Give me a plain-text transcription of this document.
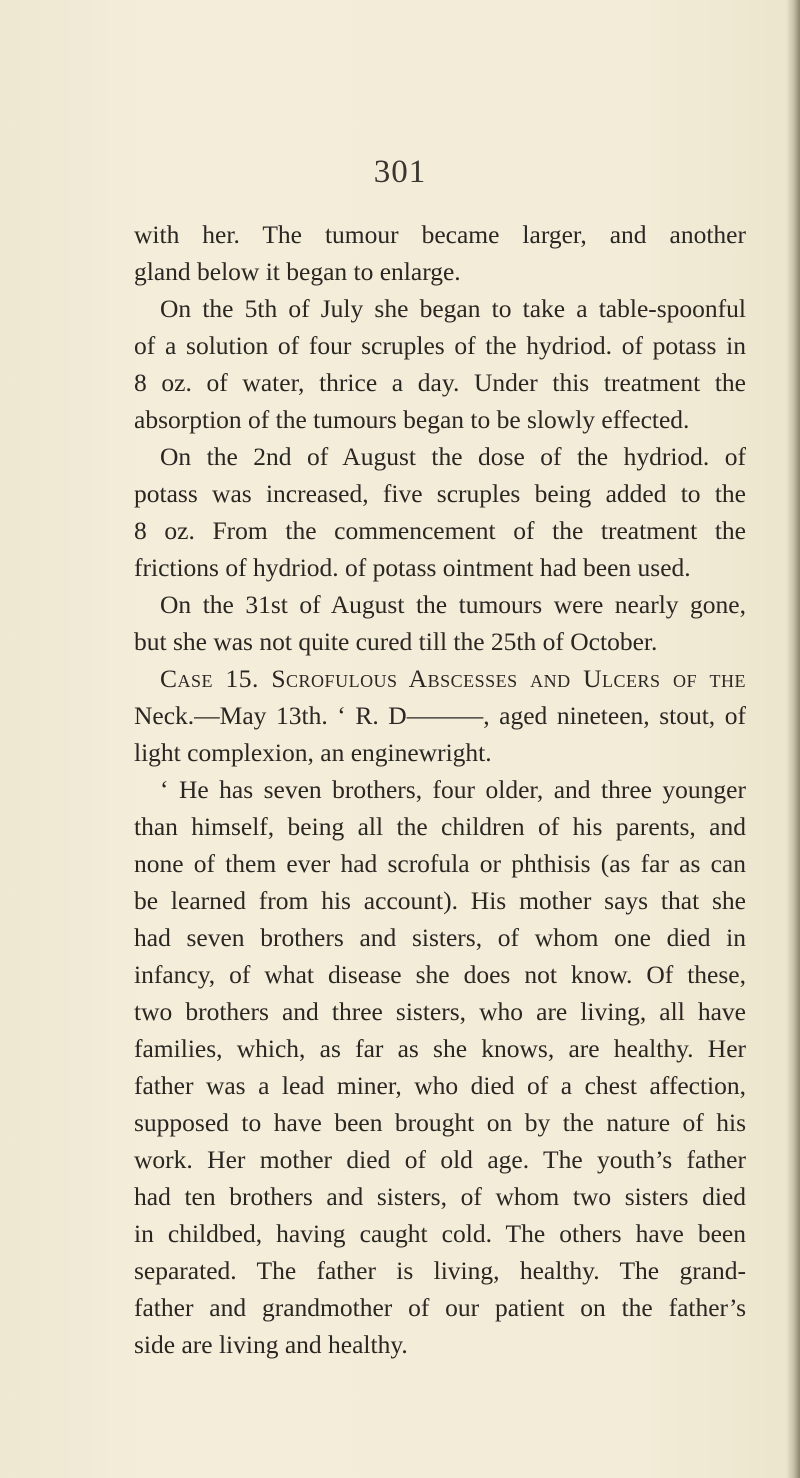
301
with her. The tumour became larger, and another
gland below it began to enlarge.
On the 5th of July she began to take a table-spoonful
of a solution of four scruples of the hydriod. of potass in
8 oz. of water, thrice a day. Under this treatment the
absorption of the tumours began to be slowly effected.
On the 2nd of August the dose of the hydriod. of
potass was increased, five scruples being added to the
8 oz. From the commencement of the treatment the
frictions of hydriod. of potass ointment had been used.
On the 31st of August the tumours were nearly gone,
but she was not quite cured till the 25th of October.
Case 15. Scrofulous Abscesses and Ulcers of the
Neck.—May 13th. ‘ R. D———, aged nineteen, stout, of
light complexion, an enginewright.
‘ He has seven brothers, four older, and three younger
than himself, being all the children of his parents, and
none of them ever had scrofula or phthisis (as far as can
be learned from his account). His mother says that she
had seven brothers and sisters, of whom one died in
infancy, of what disease she does not know. Of these,
two brothers and three sisters, who are living, all have
families, which, as far as she knows, are healthy. Her
father was a lead miner, who died of a chest affection,
supposed to have been brought on by the nature of his
work. Her mother died of old age. The youth’s father
had ten brothers and sisters, of whom two sisters died
in childbed, having caught cold. The others have been
separated. The father is living, healthy. The grand-
father and grandmother of our patient on the father’s
side are living and healthy.
